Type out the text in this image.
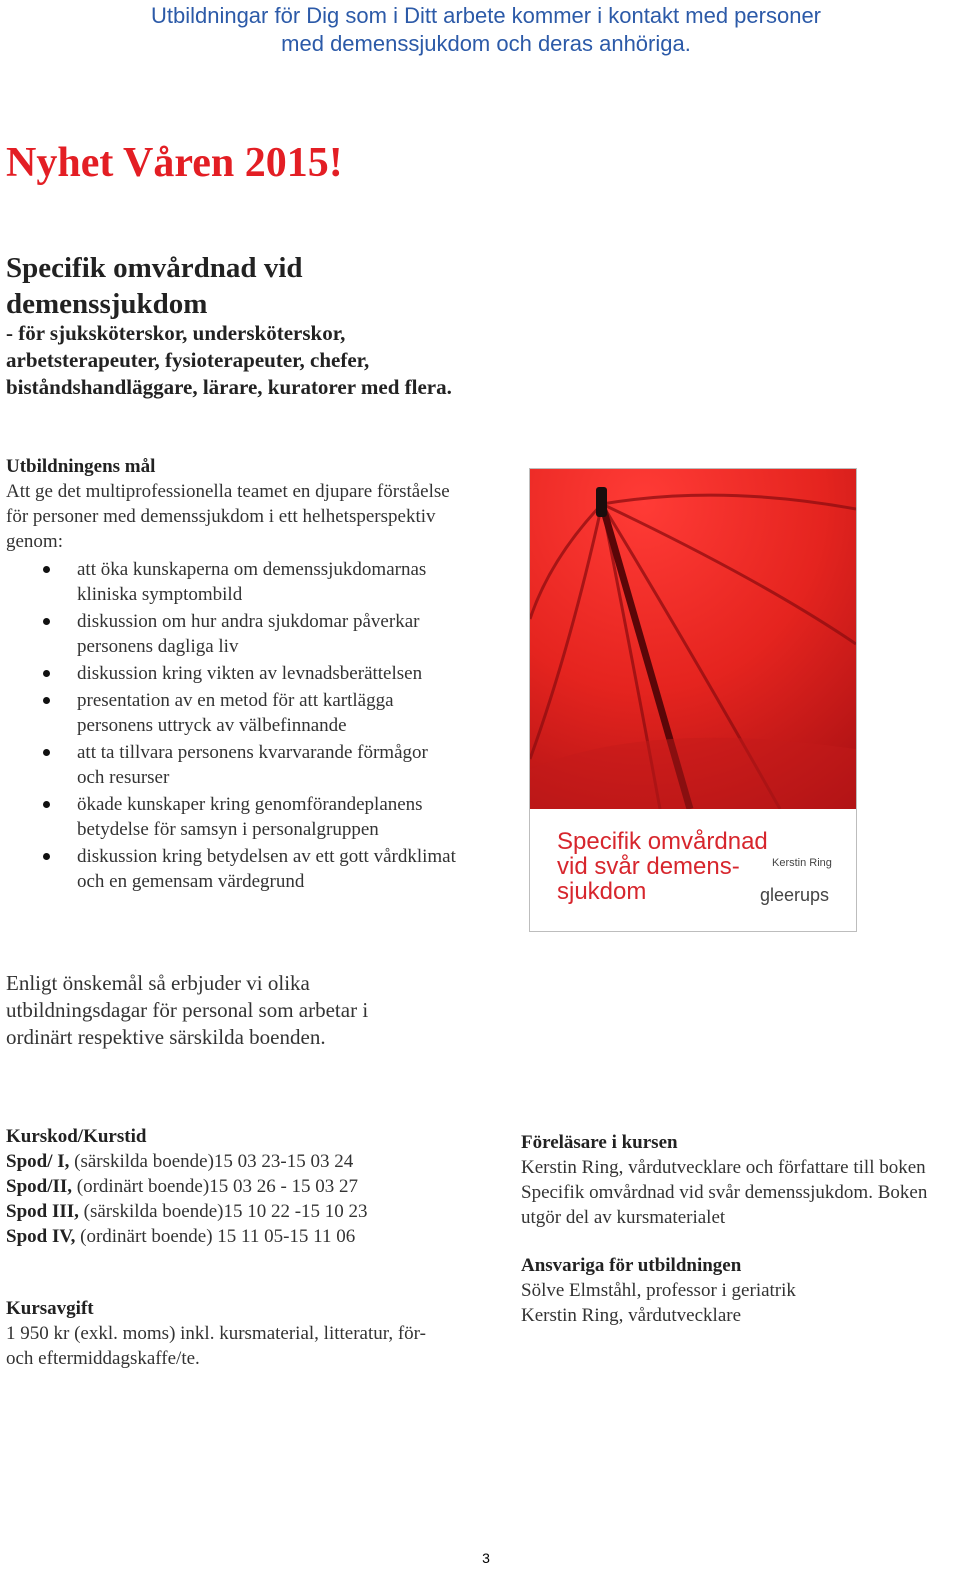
Utbildningar för Dig som i Ditt arbete kommer i kontakt med personer
med demenssjukdom och deras anhöriga.
Nyhet Våren 2015!
Specifik omvårdnad vid
demenssjukdom
- för sjuksköterskor, undersköterskor, arbetsterapeuter, fysioterapeuter, chefer, biståndshandläggare, lärare, kuratorer med flera.
Utbildningens mål

Att ge det multiprofessionella teamet en djupare förståelse för personer med demenssjukdom i ett helhetsperspektiv genom:

att öka kunskaperna om demenssjukdomarnas kliniska symptombild
diskussion om hur andra sjukdomar påverkar personens dagliga liv
diskussion kring vikten av levnadsberättelsen
presentation av en metod för att kartlägga personens uttryck av välbefinnande
att ta tillvara personens kvarvarande förmågor och resurser
ökade kunskaper kring genomförandeplanens betydelse för samsyn i personalgruppen
diskussion kring betydelsen av ett gott vårdklimat och en gemensam värdegrund
Specifik omvårdnad vid svår demens-sjukdom
Kerstin Ring
gleerups

Enligt önskemål så erbjuder vi olika utbildningsdagar för personal som arbetar i ordinärt respektive särskilda boenden.

Kurskod/Kurstid

Spod/ I, (särskilda boende)15 03 23-15 03 24

Spod/II, (ordinärt boende)15 03 26 - 15 03 27

Spod III, (särskilda boende)15 10 22 -15 10 23

Spod IV, (ordinärt boende) 15 11 05-15 11 06

Kursavgift

1 950 kr (exkl. moms) inkl. kursmaterial, litteratur, för- och eftermiddagskaffe/te.

Föreläsare i kursen

Kerstin Ring, vårdutvecklare och författare till boken Specifik omvårdnad vid svår demenssjukdom. Boken utgör del av kursmaterialet

Ansvariga för utbildningen

Sölve Elmståhl, professor i geriatrik

Kerstin Ring, vårdutvecklare

3
